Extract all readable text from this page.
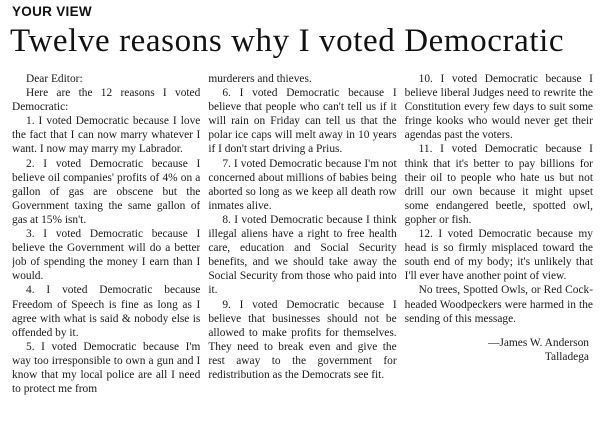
YOUR VIEW
Twelve reasons why I voted Democratic

Dear Editor:

Here are the 12 reasons I voted Democratic:

1. I voted Democratic because I love the fact that I can now marry whatever I want. I now may marry my Labrador.

2. I voted Democratic because I believe oil companies' profits of 4% on a gallon of gas are obscene but the Government taxing the same gallon of gas at 15% isn't.

3. I voted Democratic because I believe the Government will do a better job of spending the money I earn than I would.

4. I voted Democratic because Freedom of Speech is fine as long as I agree with what is said & nobody else is offended by it.

5. I voted Democratic because I'm way too irresponsible to own a gun and I know that my local police are all I need to protect me from

murderers and thieves.

6. I voted Democratic because I believe that people who can't tell us if it will rain on Friday can tell us that the polar ice caps will melt away in 10 years if I don't start driving a Prius.

7. I voted Democratic because I'm not concerned about millions of babies being aborted so long as we keep all death row inmates alive.

8. I voted Democratic because I think illegal aliens have a right to free health care, education and Social Security benefits, and we should take away the Social Security from those who paid into it.

9. I voted Democratic because I believe that businesses should not be allowed to make profits for themselves. They need to break even and give the rest away to the government for redistribution as the Democrats see fit.

10. I voted Democratic because I believe liberal Judges need to rewrite the Constitution every few days to suit some fringe kooks who would never get their agendas past the voters.

11. I voted Democratic because I think that it's better to pay billions for their oil to people who hate us but not drill our own because it might upset some endangered beetle, spotted owl, gopher or fish.

12. I voted Democratic because my head is so firmly misplaced toward the south end of my body; it's unlikely that I'll ever have another point of view.

No trees, Spotted Owls, or Red Cock-headed Woodpeckers were harmed in the sending of this message.

—James W. Anderson
Talladega
